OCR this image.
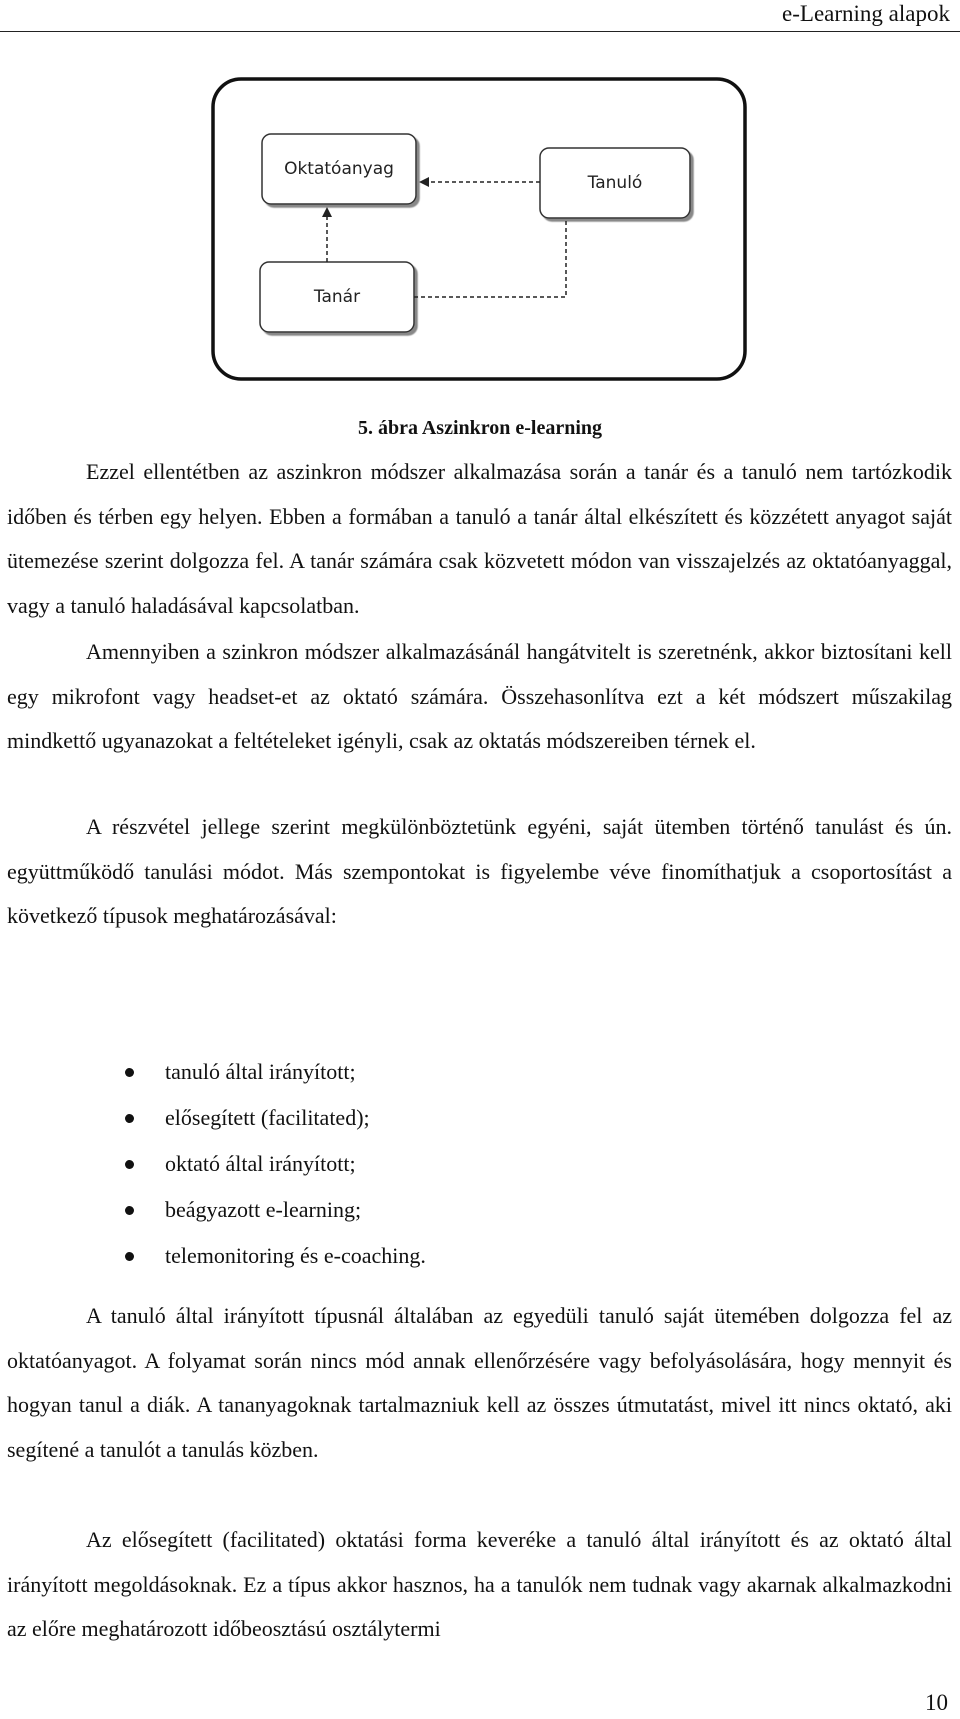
e-Learning alapok
Oktatóanyag
Tanuló
Tanár
5. ábra Aszinkron e-learning

Ezzel ellentétben az aszinkron módszer alkalmazása során a tanár és a tanuló nem tartózkodik időben és térben egy helyen. Ebben a formában a tanuló a tanár által elkészített és közzétett anyagot saját ütemezése szerint dolgozza fel. A tanár számára csak közvetett módon van visszajelzés az oktatóanyaggal, vagy a tanuló haladásával kapcsolatban.

Amennyiben a szinkron módszer alkalmazásánál hangátvitelt is szeretnénk, akkor biztosítani kell egy mikrofont vagy headset-et az oktató számára. Összehasonlítva ezt a két módszert műszakilag mindkettő ugyanazokat a feltételeket igényli, csak az oktatás módszereiben térnek el.

A részvétel jellege szerint megkülönböztetünk egyéni, saját ütemben történő tanulást és ún. együttműködő tanulási módot. Más szempontokat is figyelembe véve finomíthatjuk a csoportosítást a következő típusok meghatározásával:

tanuló által irányított;
elősegített (facilitated);
oktató által irányított;
beágyazott e-learning;
telemonitoring és e-coaching.

A tanuló által irányított típusnál általában az egyedüli tanuló saját ütemében dolgozza fel az oktatóanyagot. A folyamat során nincs mód annak ellenőrzésére vagy befolyásolására, hogy mennyit és hogyan tanul a diák. A tananyagoknak tartalmazniuk kell az összes útmutatást, mivel itt nincs oktató, aki segítené a tanulót a tanulás közben.

Az elősegített (facilitated) oktatási forma keveréke a tanuló által irányított és az oktató által irányított megoldásoknak. Ez a típus akkor hasznos, ha a tanulók nem tudnak vagy akarnak alkalmazkodni az előre meghatározott időbeosztású osztálytermi

10
